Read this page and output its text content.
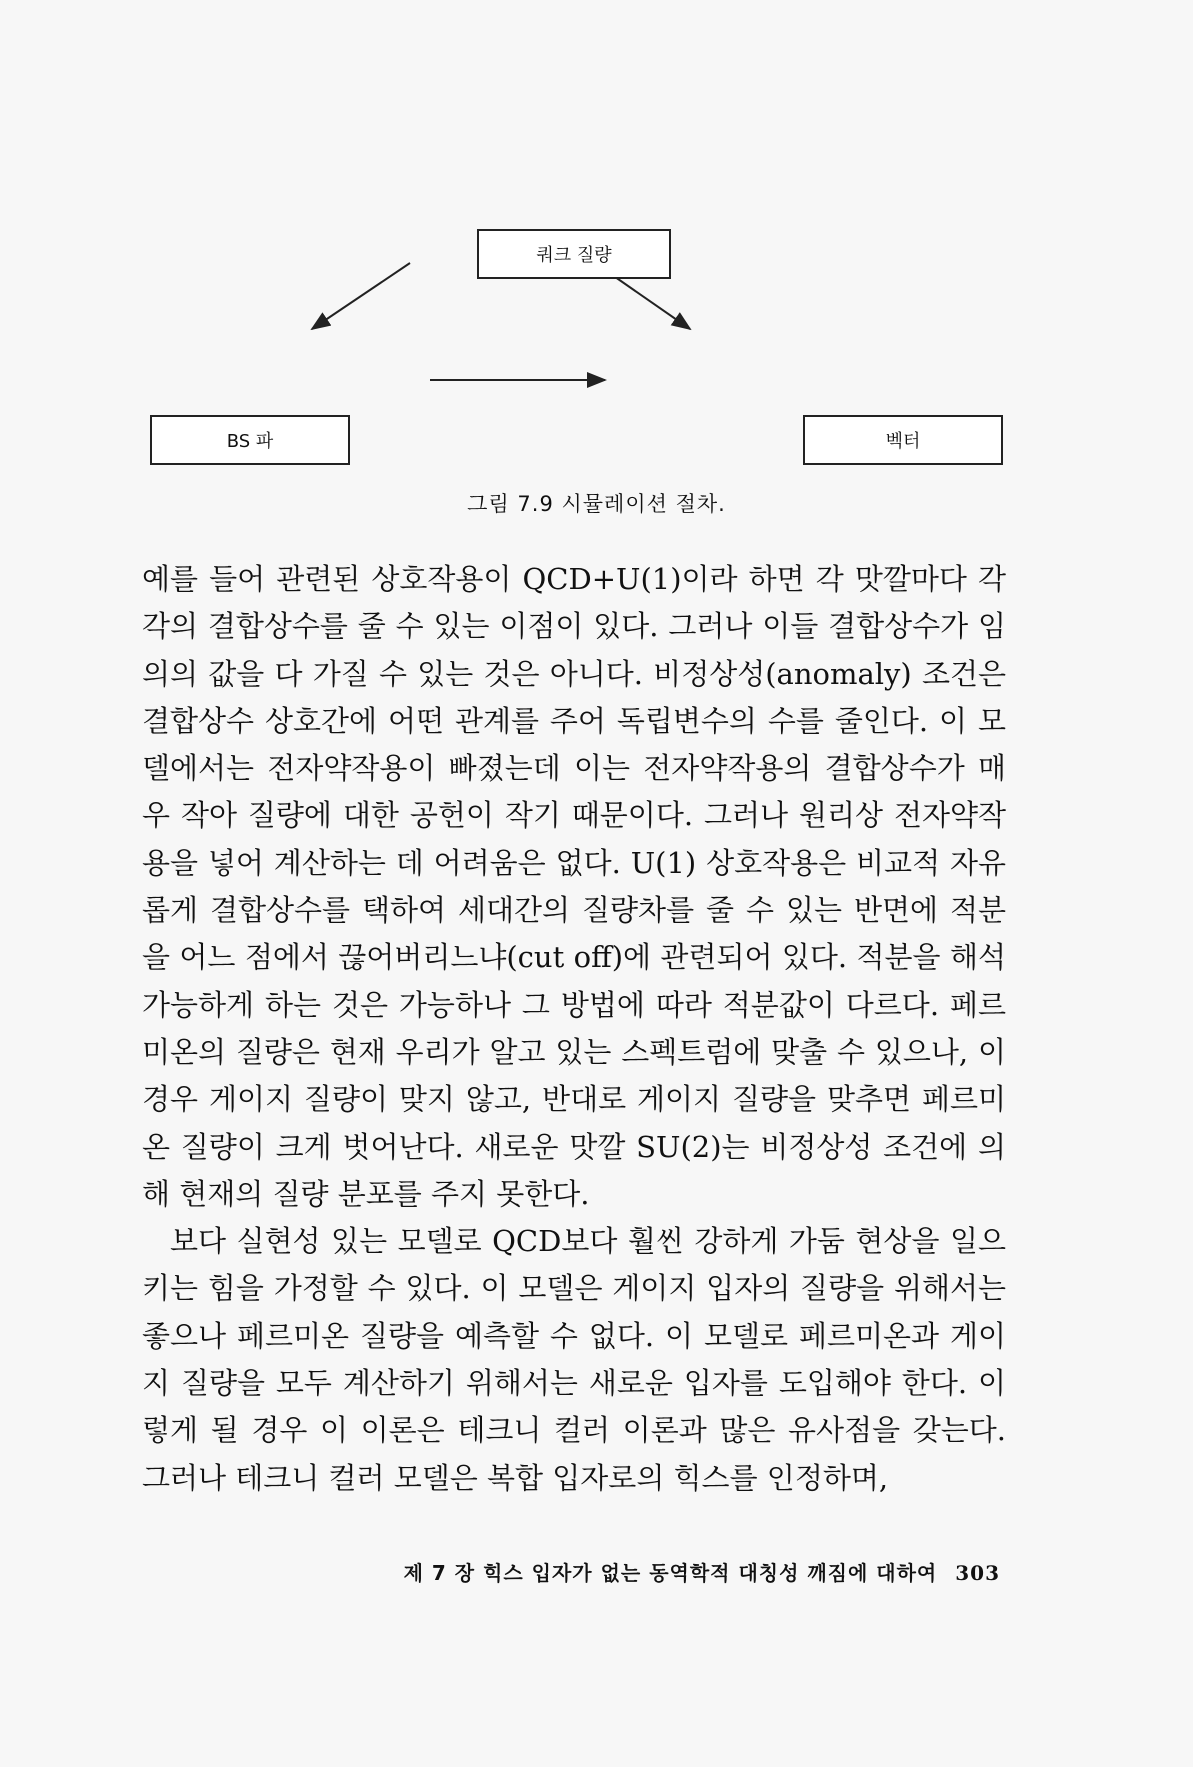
쿼크 질량
BS 파	벡터
그림 7.9 시뮬레이션 절차.

예를 들어 관련된 상호작용이 QCD+U(1)이라 하면 각 맛깔마다 각각의 결합상수를 줄 수 있는 이점이 있다. 그러나 이들 결합상수가 임의의 값을 다 가질 수 있는 것은 아니다. 비정상성(anomaly) 조건은 결합상수 상호간에 어떤 관계를 주어 독립변수의 수를 줄인다. 이 모델에서는 전자약작용이 빠졌는데 이는 전자약작용의 결합상수가 매우 작아 질량에 대한 공헌이 작기 때문이다. 그러나 원리상 전자약작용을 넣어 계산하는 데 어려움은 없다. U(1) 상호작용은 비교적 자유롭게 결합상수를 택하여 세대간의 질량차를 줄 수 있는 반면에 적분을 어느 점에서 끊어버리느냐(cut off)에 관련되어 있다. 적분을 해석 가능하게 하는 것은 가능하나 그 방법에 따라 적분값이 다르다. 페르미온의 질량은 현재 우리가 알고 있는 스펙트럼에 맞출 수 있으나, 이 경우 게이지 질량이 맞지 않고, 반대로 게이지 질량을 맞추면 페르미온 질량이 크게 벗어난다. 새로운 맛깔 SU(2)는 비정상성 조건에 의해 현재의 질량 분포를 주지 못한다.

보다 실현성 있는 모델로 QCD보다 훨씬 강하게 가둠 현상을 일으키는 힘을 가정할 수 있다. 이 모델은 게이지 입자의 질량을 위해서는 좋으나 페르미온 질량을 예측할 수 없다. 이 모델로 페르미온과 게이지 질량을 모두 계산하기 위해서는 새로운 입자를 도입해야 한다. 이렇게 될 경우 이 이론은 테크니 컬러 이론과 많은 유사점을 갖는다. 그러나 테크니 컬러 모델은 복합 입자로의 힉스를 인정하며,

제 7 장 힉스 입자가 없는 동역학적 대칭성 깨짐에 대하여 303
